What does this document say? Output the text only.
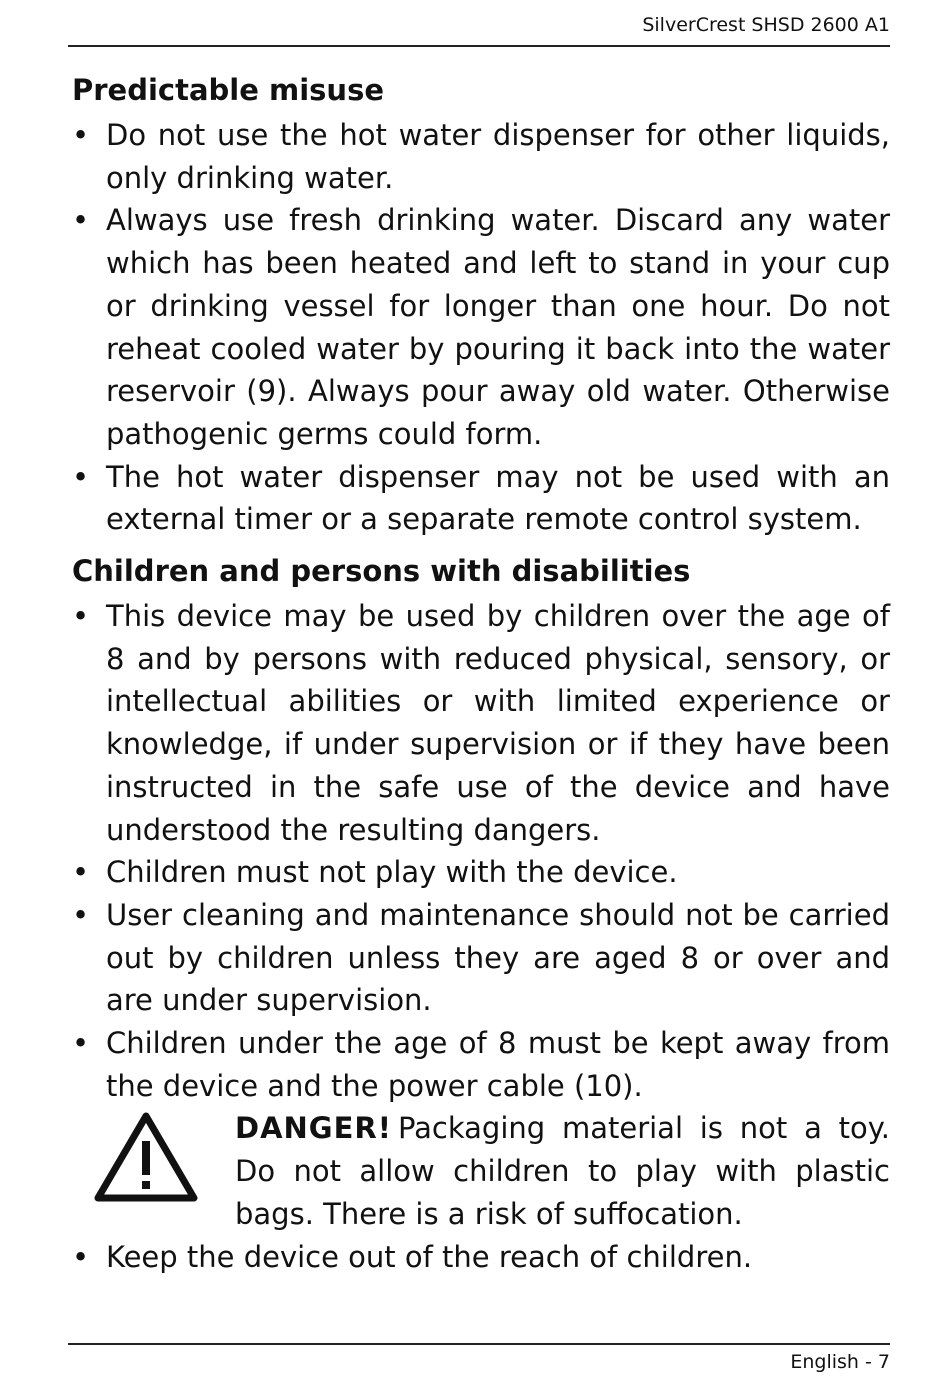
SilverCrest SHSD 2600 A1
Predictable misuse
• Do not use the hot water dispenser for other liquids, only drinking water.
• Always use fresh drinking water. Discard any water which has been heated and left to stand in your cup or drinking vessel for longer than one hour. Do not reheat cooled water by pouring it back into the water reservoir (9). Always pour away old water. Otherwise pathogenic germs could form.
• The hot water dispenser may not be used with an external timer or a separate remote control system.
Children and persons with disabilities
• This device may be used by children over the age of 8 and by persons with reduced physical, sensory, or intellectual abilities or with limited experience or knowledge, if under supervision or if they have been instructed in the safe use of the device and have understood the resulting dangers.
• Children must not play with the device.
• User cleaning and maintenance should not be carried out by children unless they are aged 8 or over and are under supervision.
• Children under the age of 8 must be kept away from the device and the power cable (10).
DANGER! Packaging material is not a toy. Do not allow children to play with plastic bags. There is a risk of suffocation.
• Keep the device out of the reach of children.
English - 7
